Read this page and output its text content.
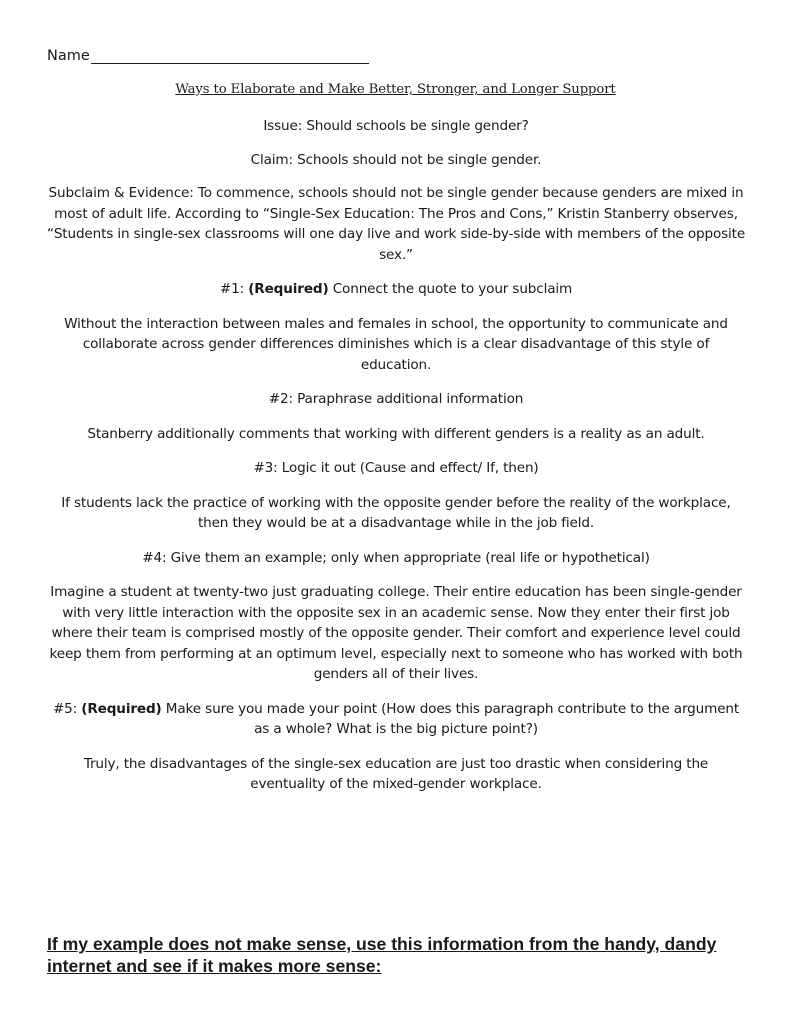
Name
Ways to Elaborate and Make Better, Stronger, and Longer Support

Issue: Should schools be single gender?

Claim: Schools should not be single gender.

Subclaim & Evidence: To commence, schools should not be single gender because genders are mixed in most of adult life. According to “Single-Sex Education: The Pros and Cons,” Kristin Stanberry observes, “Students in single-sex classrooms will one day live and work side-by-side with members of the opposite sex.”

#1: (Required) Connect the quote to your subclaim

Without the interaction between males and females in school, the opportunity to communicate and collaborate across gender differences diminishes which is a clear disadvantage of this style of education.

#2: Paraphrase additional information

Stanberry additionally comments that working with different genders is a reality as an adult.

#3: Logic it out (Cause and effect/ If, then)

If students lack the practice of working with the opposite gender before the reality of the workplace, then they would be at a disadvantage while in the job field.

#4: Give them an example; only when appropriate (real life or hypothetical)

Imagine a student at twenty-two just graduating college. Their entire education has been single-gender with very little interaction with the opposite sex in an academic sense. Now they enter their first job where their team is comprised mostly of the opposite gender. Their comfort and experience level could keep them from performing at an optimum level, especially next to someone who has worked with both genders all of their lives.

#5: (Required) Make sure you made your point (How does this paragraph contribute to the argument as a whole? What is the big picture point?)

Truly, the disadvantages of the single-sex education are just too drastic when considering the eventuality of the mixed-gender workplace.

If my example does not make sense, use this information from the handy, dandy internet and see if it makes more sense:
